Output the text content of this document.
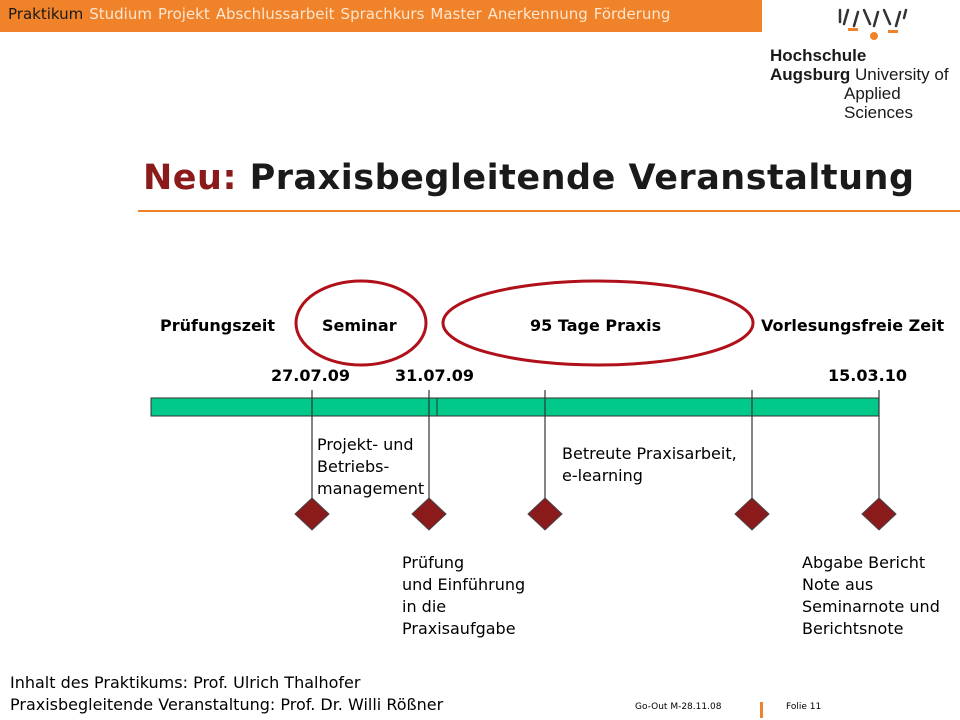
Praktikum Studium Projekt Abschlussarbeit Sprachkurs Master Anerkennung Förderung
Hochschule
Augsburg University of
Applied Sciences
Neu: Praxisbegleitende Veranstaltung
Prüfungszeit	Seminar	95 Tage Praxis	Vorlesungsfreie Zeit
27.07.09	31.07.09	15.03.10
Projekt- und
Betriebs-
management
Betreute Praxisarbeit,
e-learning
Prüfung
und Einführung
in die
Praxisaufgabe
Abgabe Bericht
Note aus
Seminarnote und
Berichtsnote
Inhalt des Praktikums: Prof. Ulrich Thalhofer
Praxisbegleitende Veranstaltung: Prof. Dr. Willi Rößner	Go-Out M-28.11.08	Folie 11
